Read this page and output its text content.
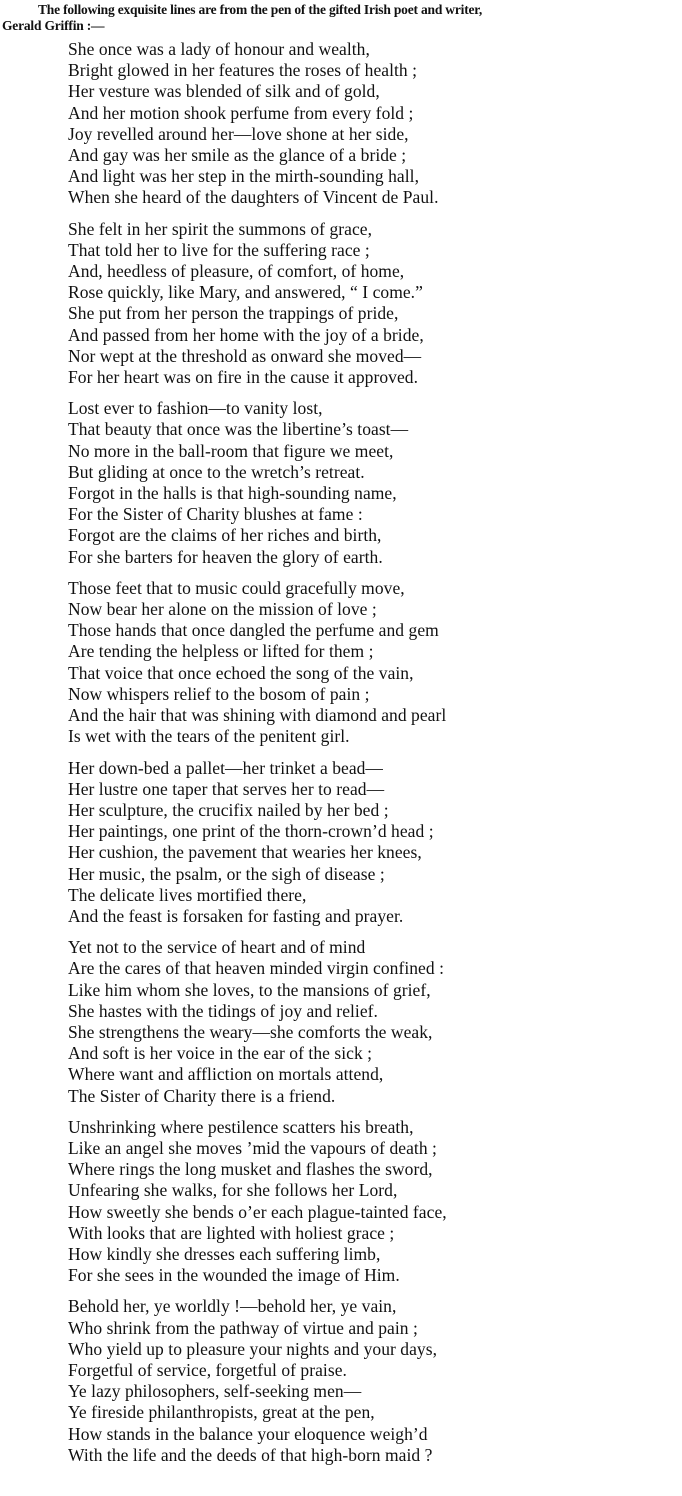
The following exquisite lines are from the pen of the gifted Irish poet and writer,
Gerald Griffin :—
She once was a lady of honour and wealth,
Bright glowed in her features the roses of health ;
Her vesture was blended of silk and of gold,
And her motion shook perfume from every fold ;
Joy revelled around her—love shone at her side,
And gay was her smile as the glance of a bride ;
And light was her step in the mirth-sounding hall,
When she heard of the daughters of Vincent de Paul.
She felt in her spirit the summons of grace,
That told her to live for the suffering race ;
And, heedless of pleasure, of comfort, of home,
Rose quickly, like Mary, and answered, “ I come.”
She put from her person the trappings of pride,
And passed from her home with the joy of a bride,
Nor wept at the threshold as onward she moved—
For her heart was on fire in the cause it approved.
Lost ever to fashion—to vanity lost,
That beauty that once was the libertine’s toast—
No more in the ball-room that figure we meet,
But gliding at once to the wretch’s retreat.
Forgot in the halls is that high-sounding name,
For the Sister of Charity blushes at fame :
Forgot are the claims of her riches and birth,
For she barters for heaven the glory of earth.
Those feet that to music could gracefully move,
Now bear her alone on the mission of love ;
Those hands that once dangled the perfume and gem
Are tending the helpless or lifted for them ;
That voice that once echoed the song of the vain,
Now whispers relief to the bosom of pain ;
And the hair that was shining with diamond and pearl
Is wet with the tears of the penitent girl.
Her down-bed a pallet—her trinket a bead—
Her lustre one taper that serves her to read—
Her sculpture, the crucifix nailed by her bed ;
Her paintings, one print of the thorn-crown’d head ;
Her cushion, the pavement that wearies her knees,
Her music, the psalm, or the sigh of disease ;
The delicate lives mortified there,
And the feast is forsaken for fasting and prayer.
Yet not to the service of heart and of mind
Are the cares of that heaven minded virgin confined :
Like him whom she loves, to the mansions of grief,
She hastes with the tidings of joy and relief.
She strengthens the weary—she comforts the weak,
And soft is her voice in the ear of the sick ;
Where want and affliction on mortals attend,
The Sister of Charity there is a friend.
Unshrinking where pestilence scatters his breath,
Like an angel she moves ’mid the vapours of death ;
Where rings the long musket and flashes the sword,
Unfearing she walks, for she follows her Lord,
How sweetly she bends o’er each plague-tainted face,
With looks that are lighted with holiest grace ;
How kindly she dresses each suffering limb,
For she sees in the wounded the image of Him.
Behold her, ye worldly !—behold her, ye vain,
Who shrink from the pathway of virtue and pain ;
Who yield up to pleasure your nights and your days,
Forgetful of service, forgetful of praise.
Ye lazy philosophers, self-seeking men—
Ye fireside philanthropists, great at the pen,
How stands in the balance your eloquence weigh’d
With the life and the deeds of that high-born maid ?
